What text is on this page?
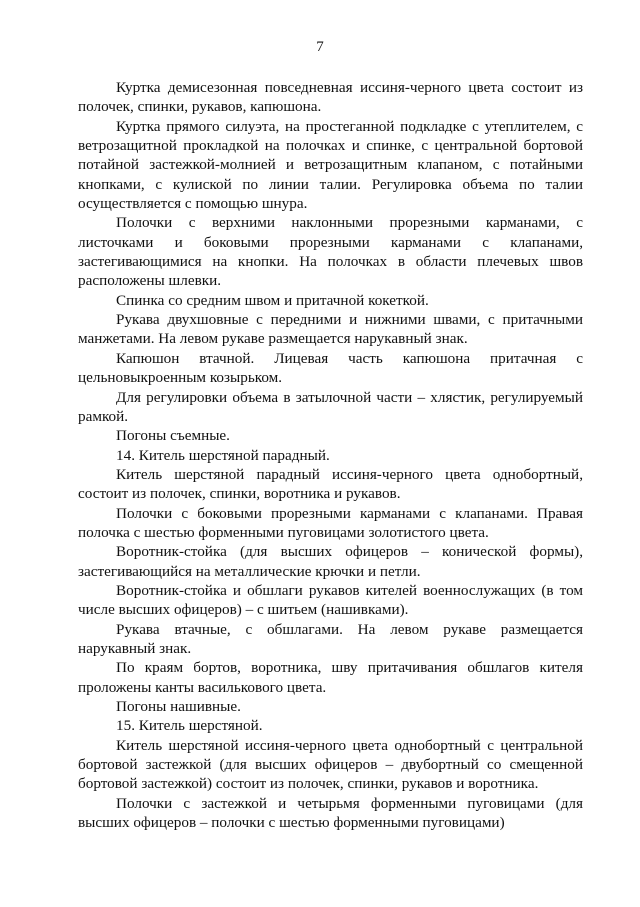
7

Куртка демисезонная повседневная иссиня-черного цвета состоит из полочек, спинки, рукавов, капюшона.

Куртка прямого силуэта, на простеганной подкладке с утеплителем, с ветрозащитной прокладкой на полочках и спинке, с центральной бортовой потайной застежкой-молнией и ветрозащитным клапаном, с потайными кнопками, с кулиской по линии талии. Регулировка объема по талии осуществляется с помощью шнура.

Полочки с верхними наклонными прорезными карманами, с листочками и боковыми прорезными карманами с клапанами, застегивающимися на кнопки. На полочках в области плечевых швов расположены шлевки.

Спинка со средним швом и притачной кокеткой.

Рукава двухшовные с передними и нижними швами, с притачными манжетами. На левом рукаве размещается нарукавный знак.

Капюшон втачной. Лицевая часть капюшона притачная с цельновыкроенным козырьком.

Для регулировки объема в затылочной части – хлястик, регулируемый рамкой.

Погоны съемные.

14. Китель шерстяной парадный.

Китель шерстяной парадный иссиня-черного цвета однобортный, состоит из полочек, спинки, воротника и рукавов.

Полочки с боковыми прорезными карманами с клапанами. Правая полочка с шестью форменными пуговицами золотистого цвета.

Воротник-стойка (для высших офицеров – конической формы), застегивающийся на металлические крючки и петли.

Воротник-стойка и обшлаги рукавов кителей военнослужащих (в том числе высших офицеров) – с шитьем (нашивками).

Рукава втачные, с обшлагами. На левом рукаве размещается нарукавный знак.

По краям бортов, воротника, шву притачивания обшлагов кителя проложены канты василькового цвета.

Погоны нашивные.

15. Китель шерстяной.

Китель шерстяной иссиня-черного цвета однобортный с центральной бортовой застежкой (для высших офицеров – двубортный со смещенной бортовой застежкой) состоит из полочек, спинки, рукавов и воротника.

Полочки с застежкой и четырьмя форменными пуговицами (для высших офицеров – полочки с шестью форменными пуговицами)
